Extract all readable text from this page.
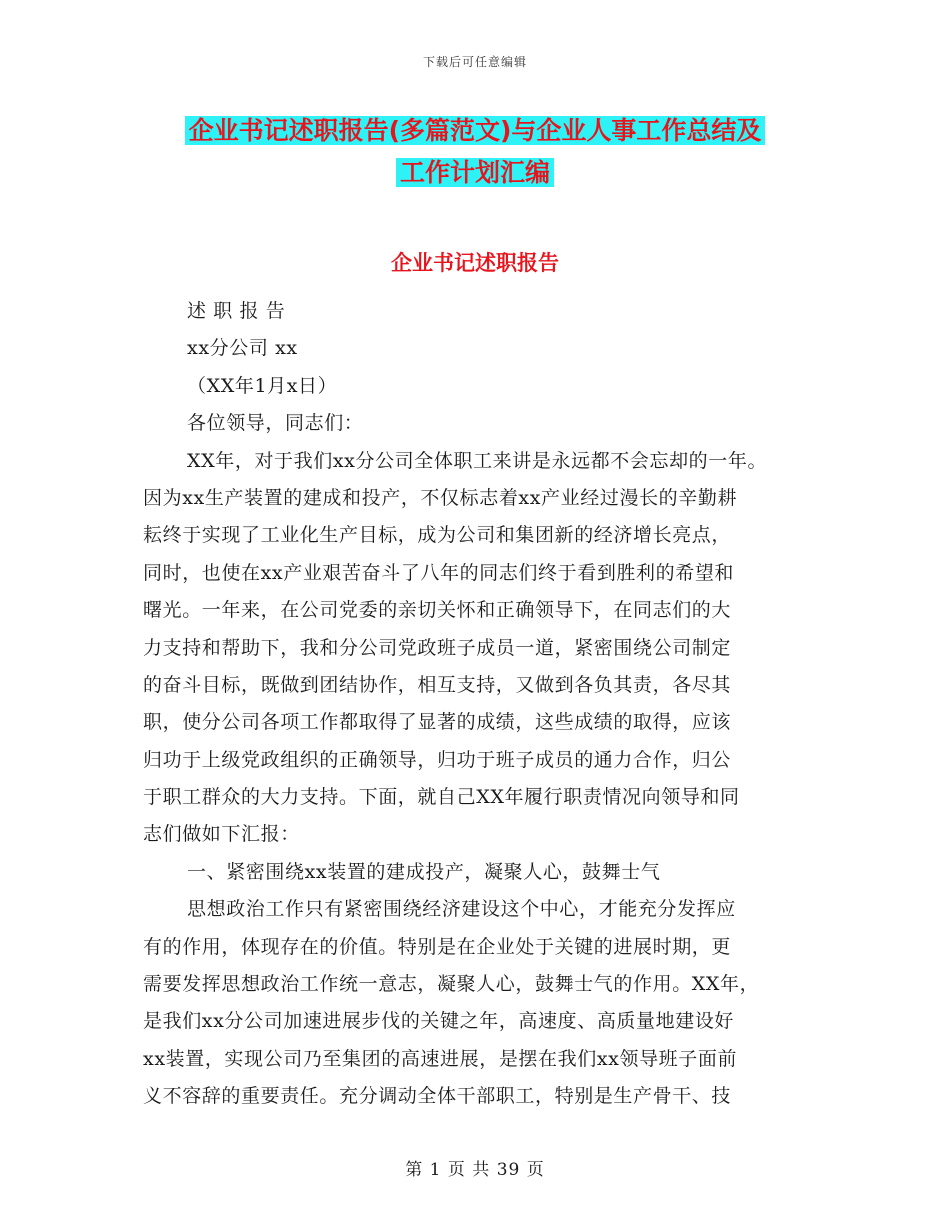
下载后可任意编辑
企业书记述职报告(多篇范文)与企业人事工作总结及
工作计划汇编
企业书记述职报告
述 职 报 告
xx分公司 xx
（XX年1月x日）
各位领导，同志们：
XX年，对于我们xx分公司全体职工来讲是永远都不会忘却的一年。
因为xx生产装置的建成和投产，不仅标志着xx产业经过漫长的辛勤耕
耘终于实现了工业化生产目标，成为公司和集团新的经济增长亮点，
同时，也使在xx产业艰苦奋斗了八年的同志们终于看到胜利的希望和
曙光。一年来，在公司党委的亲切关怀和正确领导下，在同志们的大
力支持和帮助下，我和分公司党政班子成员一道，紧密围绕公司制定
的奋斗目标，既做到团结协作，相互支持，又做到各负其责，各尽其
职，使分公司各项工作都取得了显著的成绩，这些成绩的取得，应该
归功于上级党政组织的正确领导，归功于班子成员的通力合作，归公
于职工群众的大力支持。下面，就自己XX年履行职责情况向领导和同
志们做如下汇报：
一、紧密围绕xx装置的建成投产，凝聚人心，鼓舞士气
思想政治工作只有紧密围绕经济建设这个中心，才能充分发挥应
有的作用，体现存在的价值。特别是在企业处于关键的进展时期，更
需要发挥思想政治工作统一意志，凝聚人心，鼓舞士气的作用。XX年，
是我们xx分公司加速进展步伐的关键之年，高速度、高质量地建设好
xx装置，实现公司乃至集团的高速进展，是摆在我们xx领导班子面前
义不容辞的重要责任。充分调动全体干部职工，特别是生产骨干、技
第 1 页 共 39 页
